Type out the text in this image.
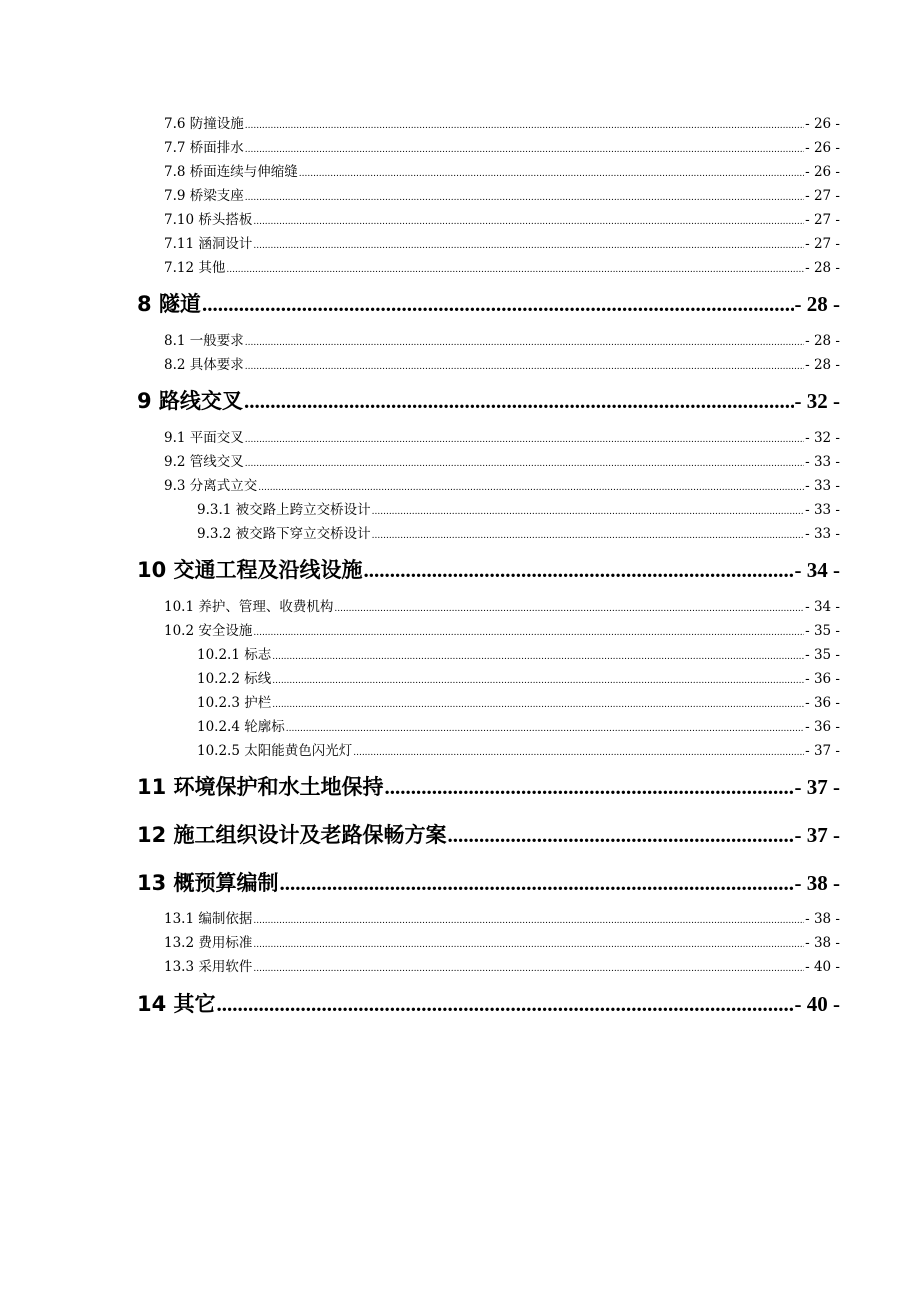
7.6 防撞设施 .....	- 26 -
7.7 桥面排水 .....	- 26 -
7.8 桥面连续与伸缩缝 .....	- 26 -
7.9 桥梁支座 .....	- 27 -
7.10 桥头搭板 .....	- 27 -
7.11 涵洞设计 .....	- 27 -
7.12 其他 .....	- 28 -
8 隧道 .....	- 28 -
8.1 一般要求 .....	- 28 -
8.2 具体要求 .....	- 28 -
9 路线交叉 .....	- 32 -
9.1 平面交叉 .....	- 32 -
9.2 管线交叉 .....	- 33 -
9.3 分离式立交 .....	- 33 -
9.3.1 被交路上跨立交桥设计 .....	- 33 -
9.3.2 被交路下穿立交桥设计 .....	- 33 -
10 交通工程及沿线设施 .....	- 34 -
10.1 养护、管理、收费机构 .....	- 34 -
10.2 安全设施 .....	- 35 -
10.2.1 标志 .....	- 35 -
10.2.2 标线 .....	- 36 -
10.2.3 护栏 .....	- 36 -
10.2.4 轮廓标 .....	- 36 -
10.2.5 太阳能黄色闪光灯 .....	- 37 -
11 环境保护和水土地保持 .....	- 37 -
12 施工组织设计及老路保畅方案 .....	- 37 -
13 概预算编制 .....	- 38 -
13.1 编制依据 .....	- 38 -
13.2 费用标准 .....	- 38 -
13.3 采用软件 .....	- 40 -
14 其它 .....	- 40 -
